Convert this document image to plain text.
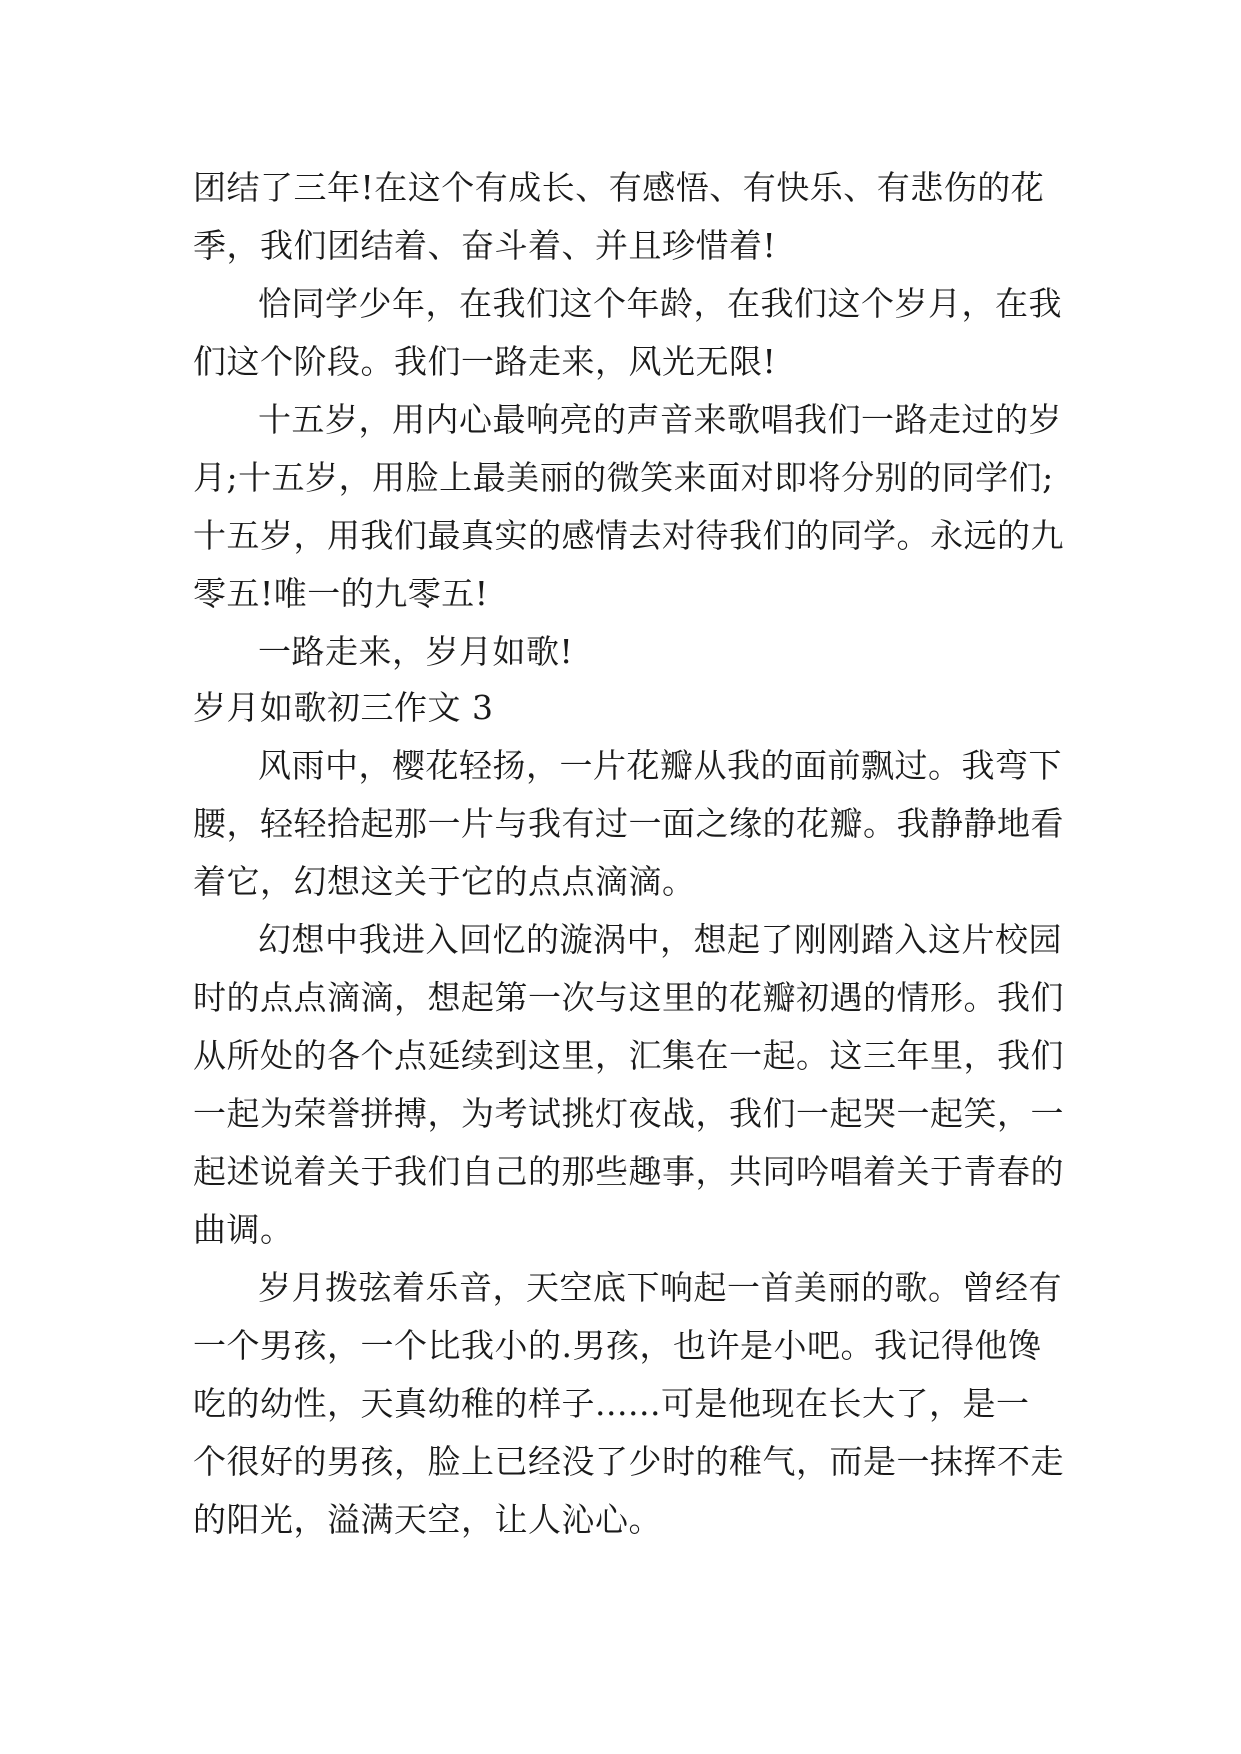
团结了三年!在这个有成长、有感悟、有快乐、有悲伤的花
季，我们团结着、奋斗着、并且珍惜着!
恰同学少年，在我们这个年龄，在我们这个岁月，在我
们这个阶段。我们一路走来，风光无限!
十五岁，用内心最响亮的声音来歌唱我们一路走过的岁
月;十五岁，用脸上最美丽的微笑来面对即将分别的同学们;
十五岁，用我们最真实的感情去对待我们的同学。永远的九
零五!唯一的九零五!
一路走来，岁月如歌!
岁月如歌初三作文 3
风雨中，樱花轻扬，一片花瓣从我的面前飘过。我弯下
腰，轻轻拾起那一片与我有过一面之缘的花瓣。我静静地看
着它，幻想这关于它的点点滴滴。
幻想中我进入回忆的漩涡中，想起了刚刚踏入这片校园
时的点点滴滴，想起第一次与这里的花瓣初遇的情形。我们
从所处的各个点延续到这里，汇集在一起。这三年里，我们
一起为荣誉拼搏，为考试挑灯夜战，我们一起哭一起笑，一
起述说着关于我们自己的那些趣事，共同吟唱着关于青春的
曲调。
岁月拨弦着乐音，天空底下响起一首美丽的歌。曾经有
一个男孩，一个比我小的.男孩，也许是小吧。我记得他馋
吃的幼性，天真幼稚的样子......可是他现在长大了，是一
个很好的男孩，脸上已经没了少时的稚气，而是一抹挥不走
的阳光，溢满天空，让人沁心。
